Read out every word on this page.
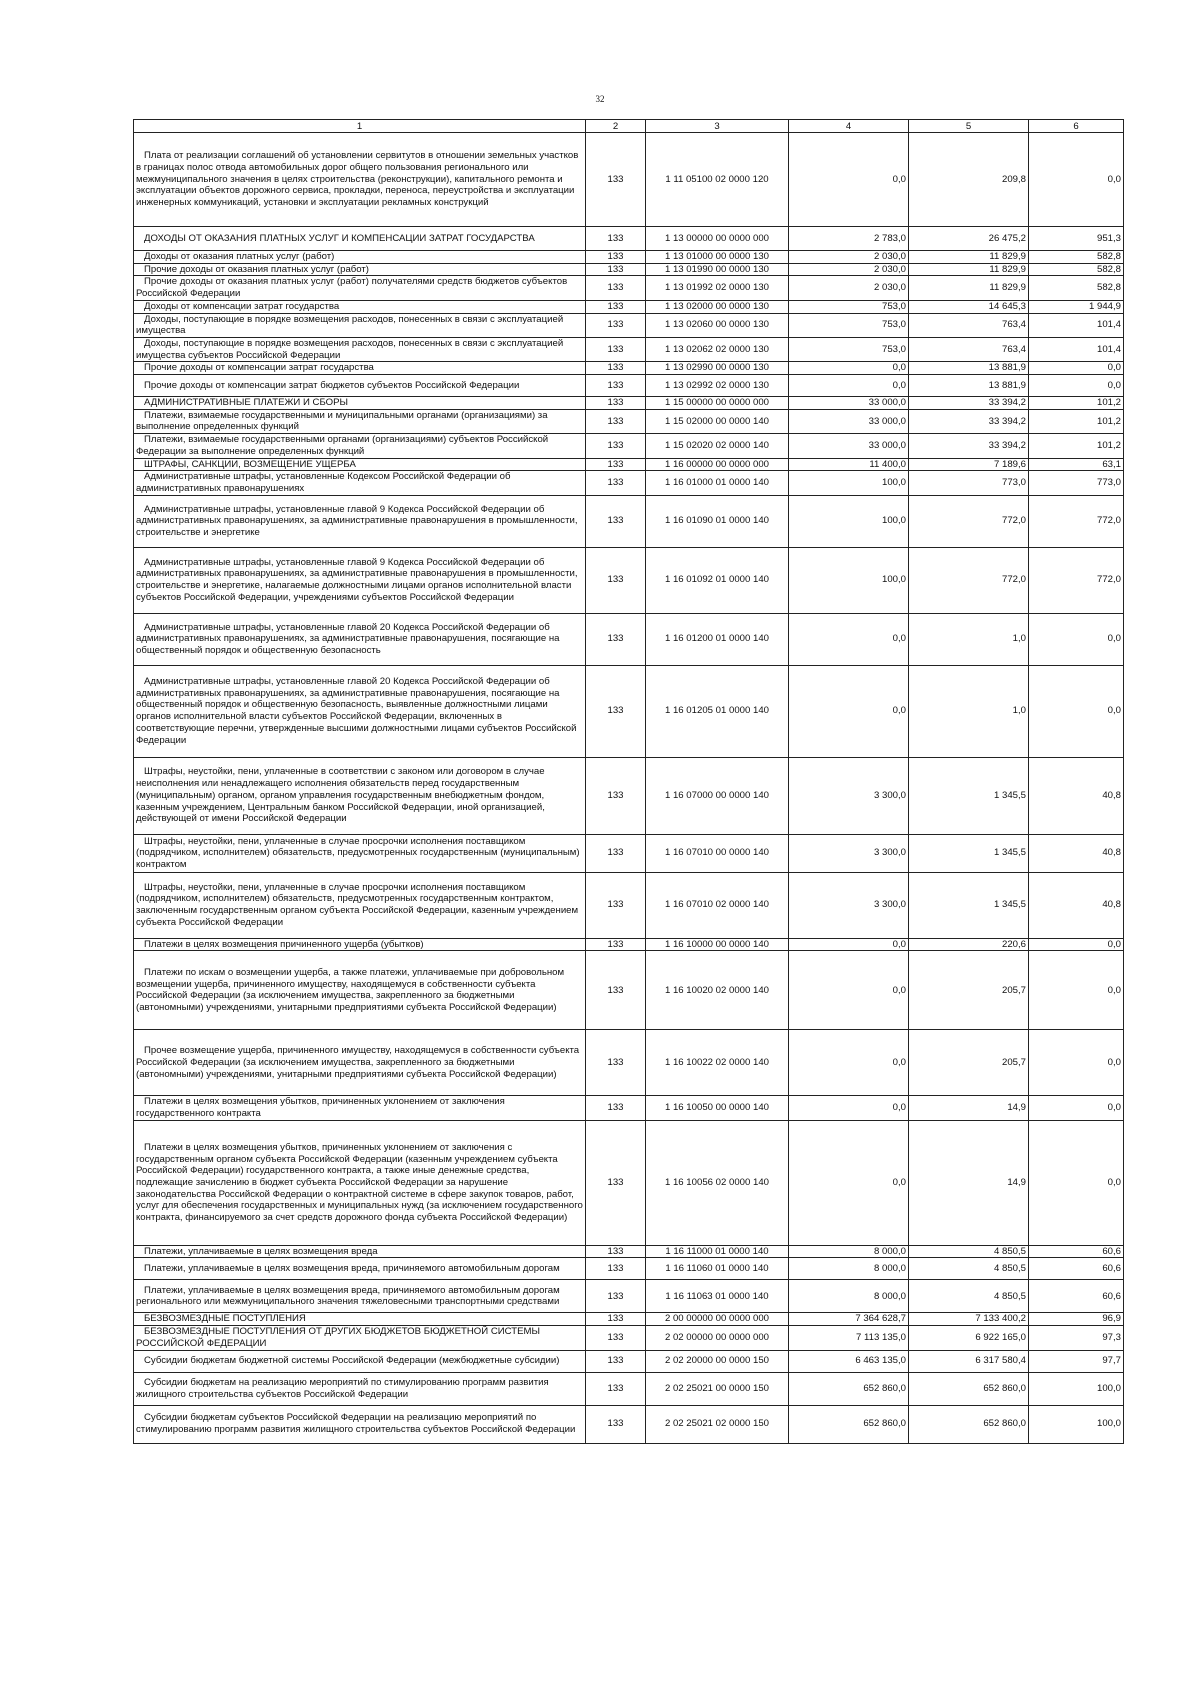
32
1	2	3	4	5	6
Плата от реализации соглашений об установлении сервитутов в отношении земельных участков в границах полос отвода автомобильных дорог общего пользования регионального или межмуниципального значения в целях строительства (реконструкции), капитального ремонта и эксплуатации объектов дорожного сервиса, прокладки, переноса, переустройства и эксплуатации инженерных коммуникаций, установки и эксплуатации рекламных конструкций	133	1 11 05100 02 0000 120	0,0	209,8	0,0
ДОХОДЫ ОТ ОКАЗАНИЯ ПЛАТНЫХ УСЛУГ И КОМПЕНСАЦИИ ЗАТРАТ ГОСУДАРСТВА	133	1 13 00000 00 0000 000	2 783,0	26 475,2	951,3
Доходы от оказания платных услуг (работ)	133	1 13 01000 00 0000 130	2 030,0	11 829,9	582,8
Прочие доходы от оказания платных услуг (работ)	133	1 13 01990 00 0000 130	2 030,0	11 829,9	582,8
Прочие доходы от оказания платных услуг (работ) получателями средств бюджетов субъектов Российской Федерации	133	1 13 01992 02 0000 130	2 030,0	11 829,9	582,8
Доходы от компенсации затрат государства	133	1 13 02000 00 0000 130	753,0	14 645,3	1 944,9
Доходы, поступающие в порядке возмещения расходов, понесенных в связи с эксплуатацией имущества	133	1 13 02060 00 0000 130	753,0	763,4	101,4
Доходы, поступающие в порядке возмещения расходов, понесенных в связи с эксплуатацией имущества субъектов Российской Федерации	133	1 13 02062 02 0000 130	753,0	763,4	101,4
Прочие доходы от компенсации затрат государства	133	1 13 02990 00 0000 130	0,0	13 881,9	0,0
Прочие доходы от компенсации затрат бюджетов субъектов Российской Федерации	133	1 13 02992 02 0000 130	0,0	13 881,9	0,0
АДМИНИСТРАТИВНЫЕ ПЛАТЕЖИ И СБОРЫ	133	1 15 00000 00 0000 000	33 000,0	33 394,2	101,2
Платежи, взимаемые государственными и муниципальными органами (организациями) за выполнение определенных функций	133	1 15 02000 00 0000 140	33 000,0	33 394,2	101,2
Платежи, взимаемые государственными органами (организациями) субъектов Российской Федерации за выполнение определенных функций	133	1 15 02020 02 0000 140	33 000,0	33 394,2	101,2
ШТРАФЫ, САНКЦИИ, ВОЗМЕЩЕНИЕ УЩЕРБА	133	1 16 00000 00 0000 000	11 400,0	7 189,6	63,1
Административные штрафы, установленные Кодексом Российской Федерации об административных правонарушениях	133	1 16 01000 01 0000 140	100,0	773,0	773,0
Административные штрафы, установленные главой 9 Кодекса Российской Федерации об административных правонарушениях, за административные правонарушения в промышленности, строительстве и энергетике	133	1 16 01090 01 0000 140	100,0	772,0	772,0
Административные штрафы, установленные главой 9 Кодекса Российской Федерации об административных правонарушениях, за административные правонарушения в промышленности, строительстве и энергетике, налагаемые должностными лицами органов исполнительной власти субъектов Российской Федерации, учреждениями субъектов Российской Федерации	133	1 16 01092 01 0000 140	100,0	772,0	772,0
Административные штрафы, установленные главой 20 Кодекса Российской Федерации об административных правонарушениях, за административные правонарушения, посягающие на общественный порядок и общественную безопасность	133	1 16 01200 01 0000 140	0,0	1,0	0,0
Административные штрафы, установленные главой 20 Кодекса Российской Федерации об административных правонарушениях, за административные правонарушения, посягающие на общественный порядок и общественную безопасность, выявленные должностными лицами органов исполнительной власти субъектов Российской Федерации, включенных в соответствующие перечни, утвержденные высшими должностными лицами субъектов Российской Федерации	133	1 16 01205 01 0000 140	0,0	1,0	0,0
Штрафы, неустойки, пени, уплаченные в соответствии с законом или договором в случае неисполнения или ненадлежащего исполнения обязательств перед государственным (муниципальным) органом, органом управления государственным внебюджетным фондом, казенным учреждением, Центральным банком Российской Федерации, иной организацией, действующей от имени Российской Федерации	133	1 16 07000 00 0000 140	3 300,0	1 345,5	40,8
Штрафы, неустойки, пени, уплаченные в случае просрочки исполнения поставщиком (подрядчиком, исполнителем) обязательств, предусмотренных государственным (муниципальным) контрактом	133	1 16 07010 00 0000 140	3 300,0	1 345,5	40,8
Штрафы, неустойки, пени, уплаченные в случае просрочки исполнения поставщиком (подрядчиком, исполнителем) обязательств, предусмотренных государственным контрактом, заключенным государственным органом субъекта Российской Федерации, казенным учреждением субъекта Российской Федерации	133	1 16 07010 02 0000 140	3 300,0	1 345,5	40,8
Платежи в целях возмещения причиненного ущерба (убытков)	133	1 16 10000 00 0000 140	0,0	220,6	0,0
Платежи по искам о возмещении ущерба, а также платежи, уплачиваемые при добровольном возмещении ущерба, причиненного имуществу, находящемуся в собственности субъекта Российской Федерации (за исключением имущества, закрепленного за бюджетными (автономными) учреждениями, унитарными предприятиями субъекта Российской Федерации)	133	1 16 10020 02 0000 140	0,0	205,7	0,0
Прочее возмещение ущерба, причиненного имуществу, находящемуся в собственности субъекта Российской Федерации (за исключением имущества, закрепленного за бюджетными (автономными) учреждениями, унитарными предприятиями субъекта Российской Федерации)	133	1 16 10022 02 0000 140	0,0	205,7	0,0
Платежи в целях возмещения убытков, причиненных уклонением от заключения государственного контракта	133	1 16 10050 00 0000 140	0,0	14,9	0,0
Платежи в целях возмещения убытков, причиненных уклонением от заключения с государственным органом субъекта Российской Федерации (казенным учреждением субъекта Российской Федерации) государственного контракта, а также иные денежные средства, подлежащие зачислению в бюджет субъекта Российской Федерации за нарушение законодательства Российской Федерации о контрактной системе в сфере закупок товаров, работ, услуг для обеспечения государственных и муниципальных нужд (за исключением государственного контракта, финансируемого за счет средств дорожного фонда субъекта Российской Федерации)	133	1 16 10056 02 0000 140	0,0	14,9	0,0
Платежи, уплачиваемые в целях возмещения вреда	133	1 16 11000 01 0000 140	8 000,0	4 850,5	60,6
Платежи, уплачиваемые в целях возмещения вреда, причиняемого автомобильным дорогам	133	1 16 11060 01 0000 140	8 000,0	4 850,5	60,6
Платежи, уплачиваемые в целях возмещения вреда, причиняемого автомобильным дорогам регионального или межмуниципального значения тяжеловесными транспортными средствами	133	1 16 11063 01 0000 140	8 000,0	4 850,5	60,6
БЕЗВОЗМЕЗДНЫЕ ПОСТУПЛЕНИЯ	133	2 00 00000 00 0000 000	7 364 628,7	7 133 400,2	96,9
БЕЗВОЗМЕЗДНЫЕ ПОСТУПЛЕНИЯ ОТ ДРУГИХ БЮДЖЕТОВ БЮДЖЕТНОЙ СИСТЕМЫ РОССИЙСКОЙ ФЕДЕРАЦИИ	133	2 02 00000 00 0000 000	7 113 135,0	6 922 165,0	97,3
Субсидии бюджетам бюджетной системы Российской Федерации (межбюджетные субсидии)	133	2 02 20000 00 0000 150	6 463 135,0	6 317 580,4	97,7
Субсидии бюджетам на реализацию мероприятий по стимулированию программ развития жилищного строительства субъектов Российской Федерации	133	2 02 25021 00 0000 150	652 860,0	652 860,0	100,0
Субсидии бюджетам субъектов Российской Федерации на реализацию мероприятий по стимулированию программ развития жилищного строительства субъектов Российской Федерации	133	2 02 25021 02 0000 150	652 860,0	652 860,0	100,0
